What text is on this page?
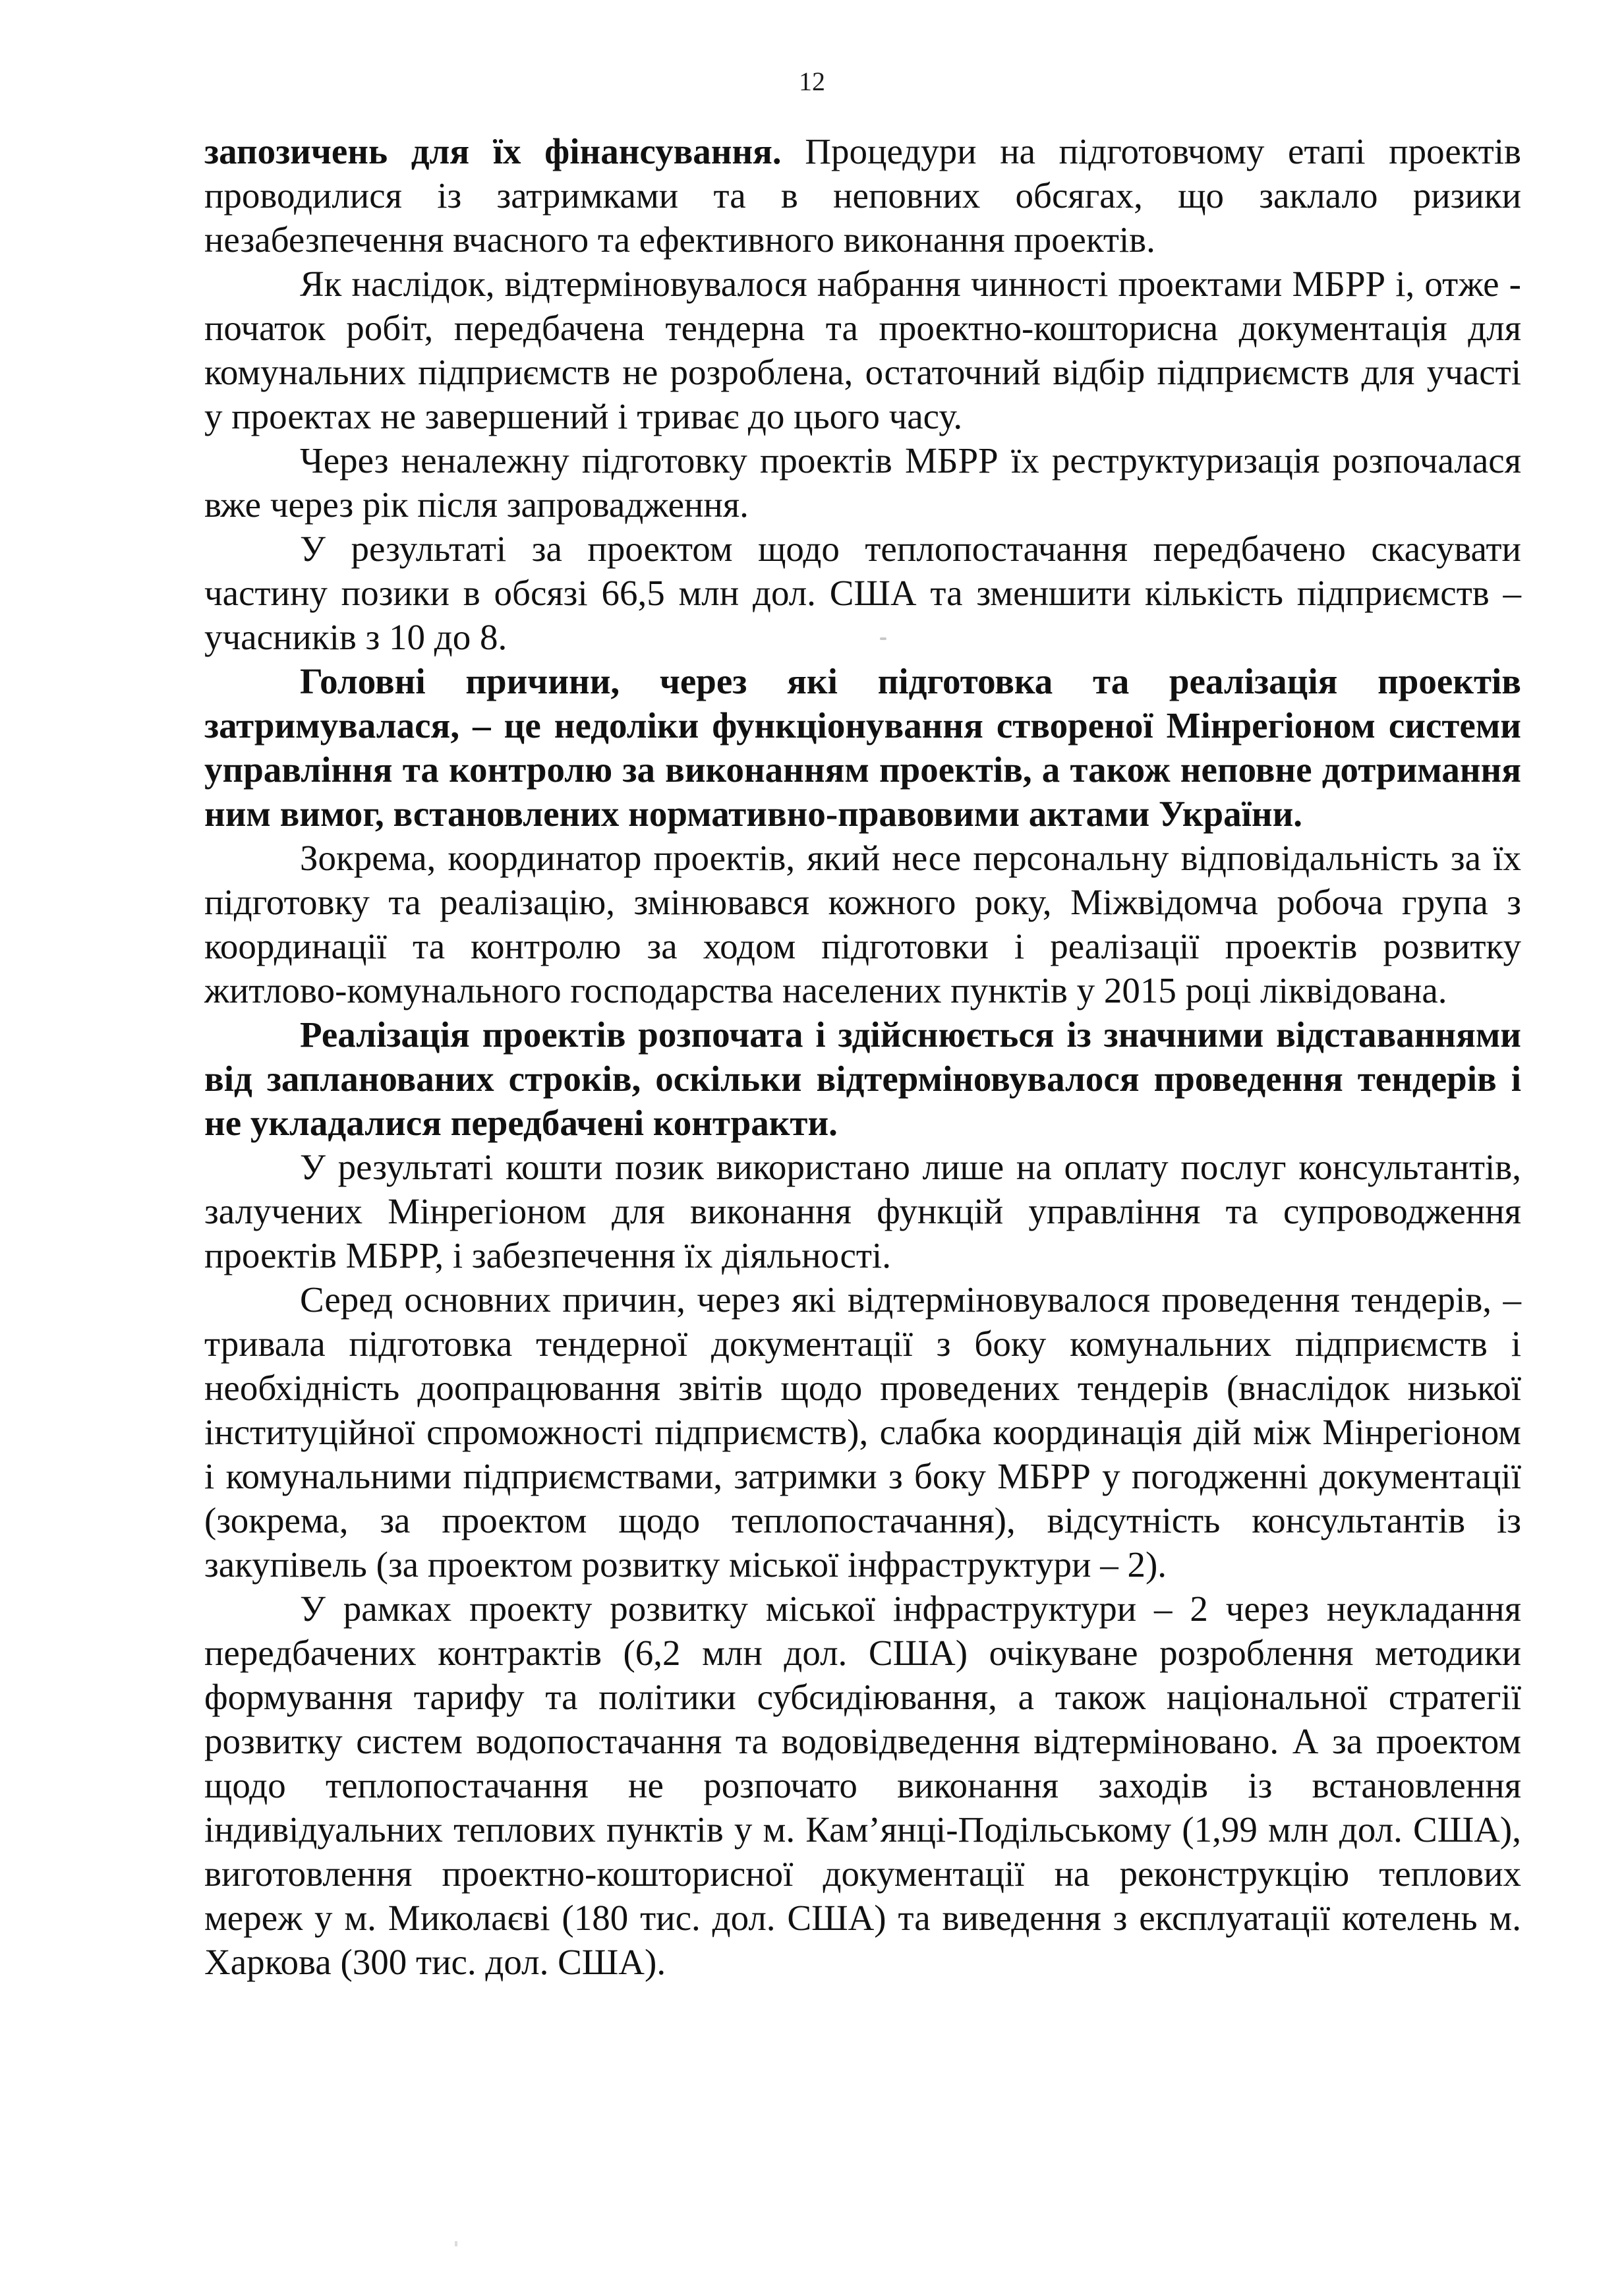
12

запозичень для їх фінансування. Процедури на підготовчому етапі проектів проводилися із затримками та в неповних обсягах, що заклало ризики незабезпечення вчасного та ефективного виконання проектів.

Як наслідок, відтерміновувалося набрання чинності проектами МБРР і, отже - початок робіт, передбачена тендерна та проектно-кошторисна документація для комунальних підприємств не розроблена, остаточний відбір підприємств для участі у проектах не завершений і триває до цього часу.

Через неналежну підготовку проектів МБРР їх реструктуризація розпочалася вже через рік після запровадження.

У результаті за проектом щодо теплопостачання передбачено скасувати частину позики в обсязі 66,5 млн дол. США та зменшити кількість підприємств – учасників з 10 до 8.

Головні причини, через які підготовка та реалізація проектів затримувалася, – це недоліки функціонування створеної Мінрегіоном системи управління та контролю за виконанням проектів, а також неповне дотримання ним вимог, встановлених нормативно-правовими актами України.

Зокрема, координатор проектів, який несе персональну відповідальність за їх підготовку та реалізацію, змінювався кожного року, Міжвідомча робоча група з координації та контролю за ходом підготовки і реалізації проектів розвитку житлово-комунального господарства населених пунктів у 2015 році ліквідована.

Реалізація проектів розпочата і здійснюється із значними відставаннями від запланованих строків, оскільки відтерміновувалося проведення тендерів і не укладалися передбачені контракти.

У результаті кошти позик використано лише на оплату послуг консультантів, залучених Мінрегіоном для виконання функцій управління та супроводження проектів МБРР, і забезпечення їх діяльності.

Серед основних причин, через які відтерміновувалося проведення тендерів, – тривала підготовка тендерної документації з боку комунальних підприємств і необхідність доопрацювання звітів щодо проведених тендерів (внаслідок низької інституційної спроможності підприємств), слабка координація дій між Мінрегіоном і комунальними підприємствами, затримки з боку МБРР у погодженні документації (зокрема, за проектом щодо теплопостачання), відсутність консультантів із закупівель (за проектом розвитку міської інфраструктури – 2).

У рамках проекту розвитку міської інфраструктури – 2 через неукладання передбачених контрактів (6,2 млн дол. США) очікуване розроблення методики формування тарифу та політики субсидіювання, а також національної стратегії розвитку систем водопостачання та водовідведення відтерміновано. А за проектом щодо теплопостачання не розпочато виконання заходів із встановлення індивідуальних теплових пунктів у м. Кам’янці-Подільському (1,99 млн дол. США), виготовлення проектно-кошторисної документації на реконструкцію теплових мереж у м. Миколаєві (180 тис. дол. США) та виведення з експлуатації котелень м. Харкова (300 тис. дол. США).
